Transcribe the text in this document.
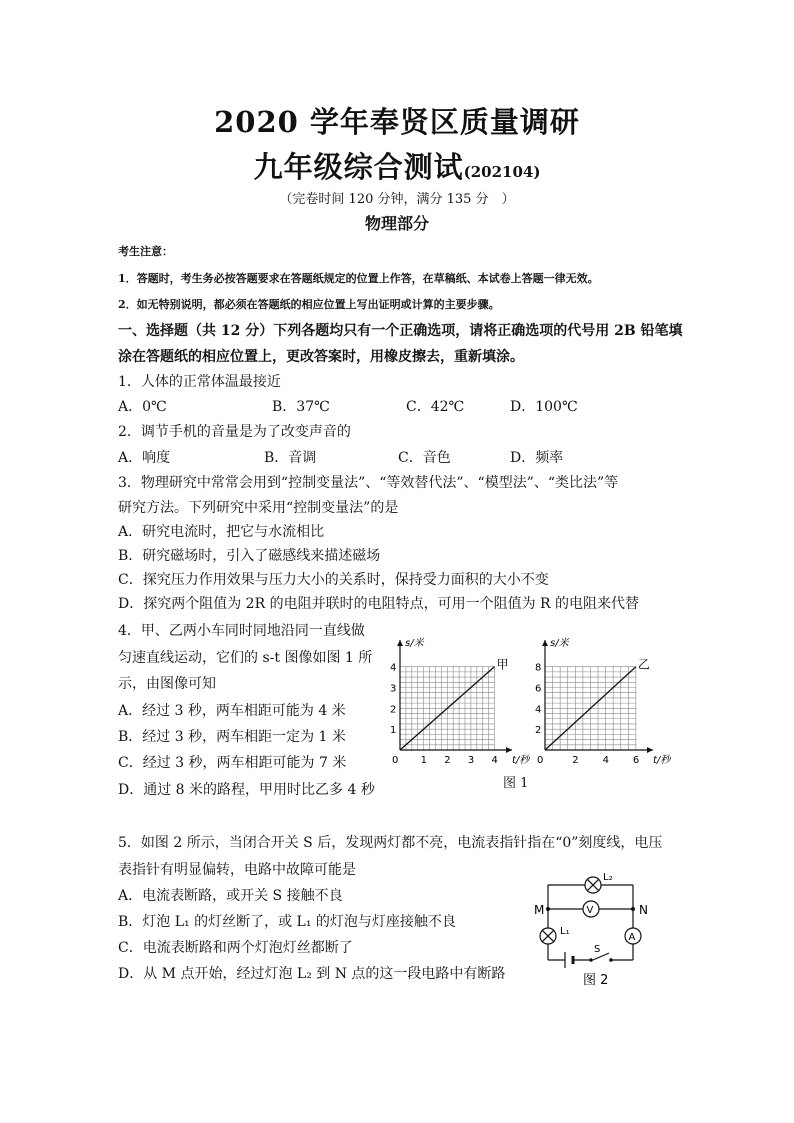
2020 学年奉贤区质量调研
九年级综合测试(202104)
（完卷时间 120 分钟，满分 135 分　）
物理部分
考生注意：
1．答题时，考生务必按答题要求在答题纸规定的位置上作答，在草稿纸、本试卷上答题一律无效。
2．如无特别说明，都必须在答题纸的相应位置上写出证明或计算的主要步骤。
一、选择题（共 12 分）下列各题均只有一个正确选项，请将正确选项的代号用 2B 铅笔填
涂在答题纸的相应位置上，更改答案时，用橡皮擦去，重新填涂。
1．人体的正常体温最接近
A．0℃	B．37℃	C．42℃	D．100℃
2．调节手机的音量是为了改变声音的
A．响度	B．音调	C．音色	D．频率
3．物理研究中常常会用到“控制变量法”、“等效替代法”、“模型法”、“类比法”等
研究方法。下列研究中采用“控制变量法”的是
A．研究电流时，把它与水流相比
B．研究磁场时，引入了磁感线来描述磁场
C．探究压力作用效果与压力大小的关系时，保持受力面积的大小不变
D．探究两个阻值为 2R 的电阻并联时的电阻特点，可用一个阻值为 R 的电阻来代替
4．甲、乙两小车同时同地沿同一直线做
匀速直线运动，它们的 s-t 图像如图 1 所
示，由图像可知
A．经过 3 秒，两车相距可能为 4 米
B．经过 3 秒，两车相距一定为 1 米
C．经过 3 秒，两车相距可能为 7 米
D．通过 8 米的路程，甲用时比乙多 4 秒
甲
0 1 2 3 4
1
2
3
4
t/秒
s/米
乙
0	2 4 6
2
4
6
8
t/秒
s/米
图 1
5．如图 2 所示，当闭合开关 S 后，发现两灯都不亮，电流表指针指在“0”刻度线，电压
表指针有明显偏转，电路中故障可能是
A．电流表断路，或开关 S 接触不良
B．灯泡 L₁ 的灯丝断了，或 L₁ 的灯泡与灯座接触不良
C．电流表断路和两个灯泡灯丝都断了
D．从 M 点开始，经过灯泡 L₂ 到 N 点的这一段电路中有断路
M	N
L₂
L₁
S
V
A
图 2
